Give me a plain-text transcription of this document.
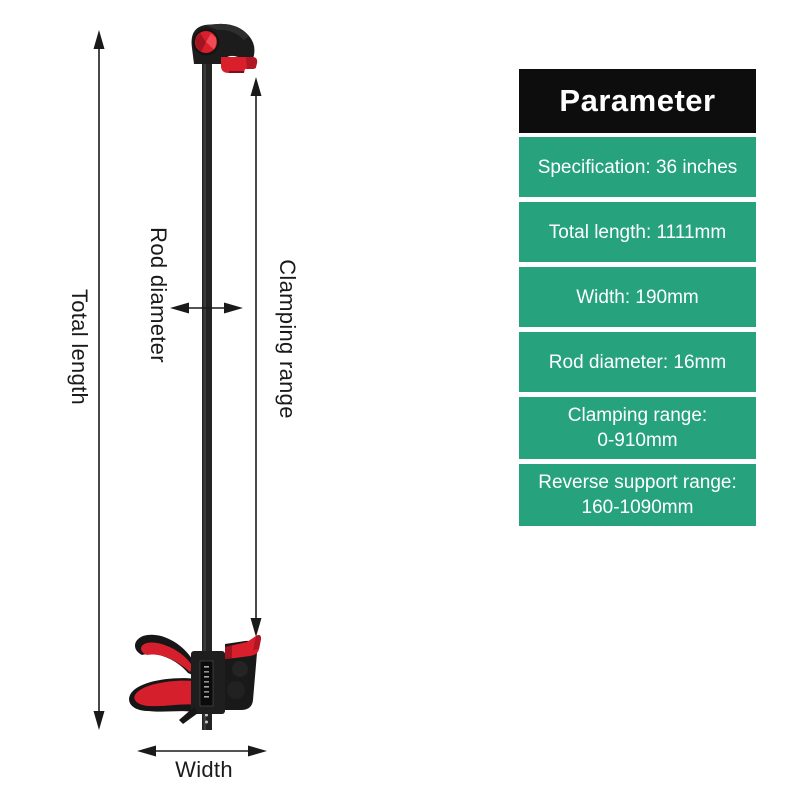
Total length Rod diameter	Clamping range
Width
Parameter
Specification: 36 inches
Total length: 1111mm
Width: 190mm
Rod diameter: 16mm
Clamping range:
0-910mm
Reverse support range:
160-1090mm
